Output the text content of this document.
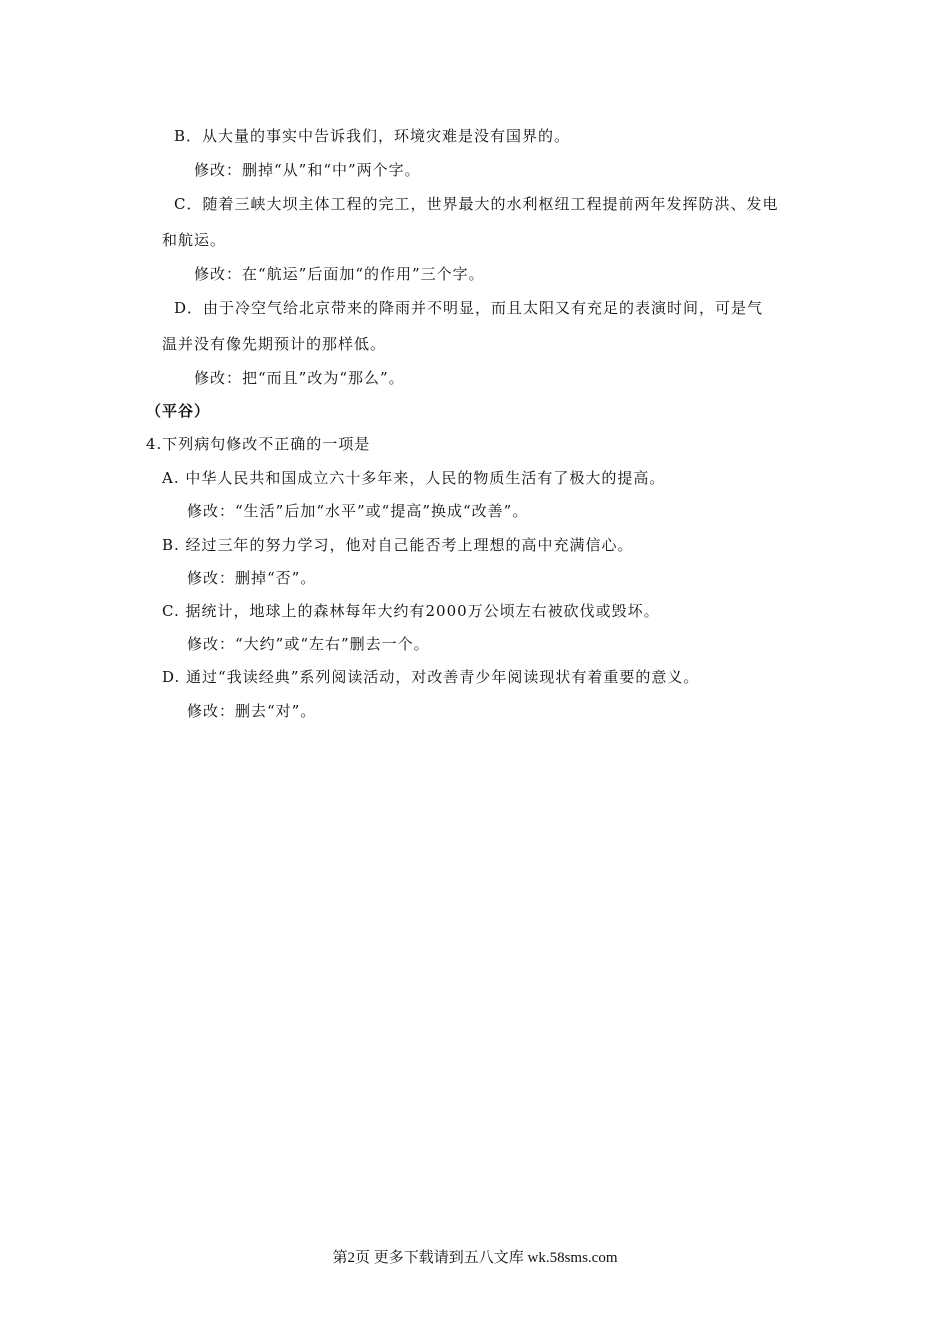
B．从大量的事实中告诉我们，环境灾难是没有国界的。
修改：删掉“从”和“中”两个字。
C．随着三峡大坝主体工程的完工，世界最大的水利枢纽工程提前两年发挥防洪、发电
和航运。
修改：在“航运”后面加“的作用”三个字。
D．由于冷空气给北京带来的降雨并不明显，而且太阳又有充足的表演时间，可是气
温并没有像先期预计的那样低。
修改：把“而且”改为“那么”。
（平谷）
4.下列病句修改不正确的一项是
A. 中华人民共和国成立六十多年来，人民的物质生活有了极大的提高。
修改：“生活”后加“水平”或“提高”换成“改善”。
B. 经过三年的努力学习，他对自己能否考上理想的高中充满信心。
修改：删掉“否”。
C. 据统计，地球上的森林每年大约有2000万公顷左右被砍伐或毁坏。
修改：“大约”或“左右”删去一个。
D. 通过“我读经典”系列阅读活动，对改善青少年阅读现状有着重要的意义。
修改：删去“对”。
第2页 更多下载请到五八文库 wk.58sms.com
